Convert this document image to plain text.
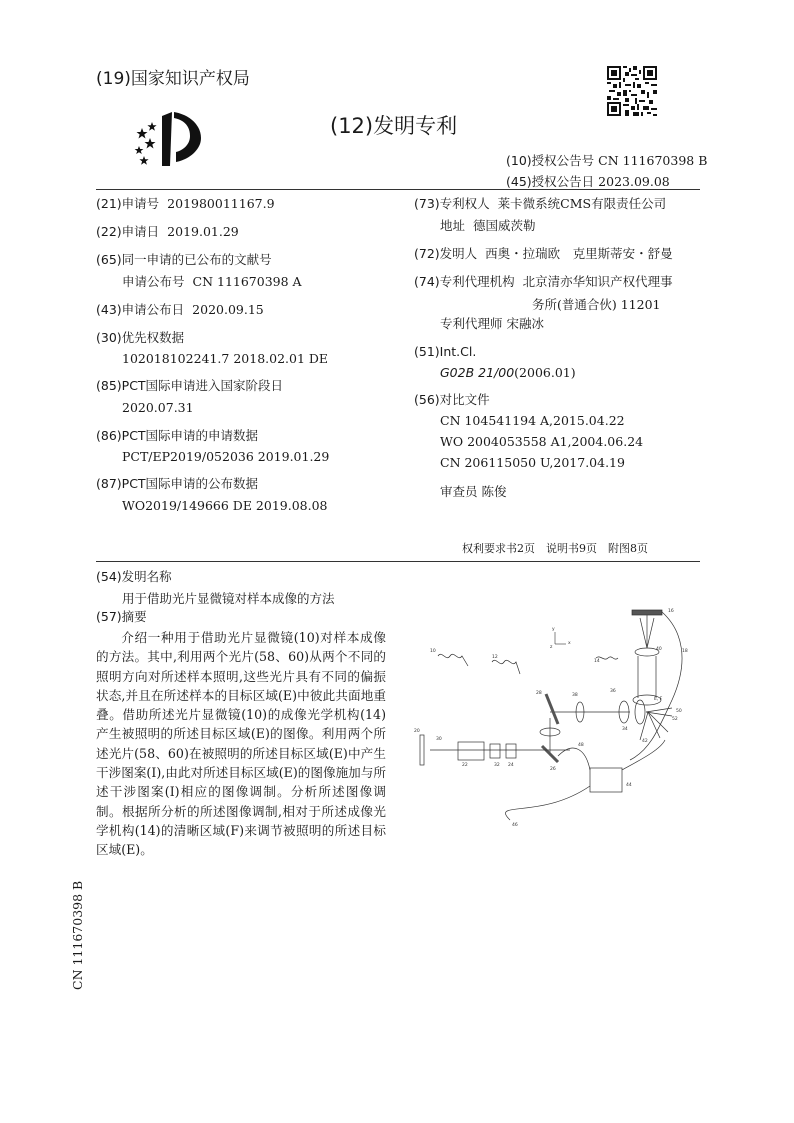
(19)国家知识产权局
(12)发明专利
(10)授权公告号 CN 111670398 B
(45)授权公告日 2023.09.08
(21)申请号 201980011167.9
(22)申请日 2019.01.29
(65)同一申请的已公布的文献号
申请公布号 CN 111670398 A
(43)申请公布日 2020.09.15
(30)优先权数据
102018102241.7 2018.02.01 DE
(85)PCT国际申请进入国家阶段日
2020.07.31
(86)PCT国际申请的申请数据
PCT/EP2019/052036 2019.01.29
(87)PCT国际申请的公布数据
WO2019/149666 DE 2019.08.08
(73)专利权人 莱卡微系统CMS有限责任公司
地址 德国威茨勒
(72)发明人 西奥・拉瑞欧　克里斯蒂安・舒曼
(74)专利代理机构 北京清亦华知识产权代理事
务所(普通合伙) 11201
专利代理师 宋融冰
(51)Int.Cl.
G02B 21/00(2006.01)
(56)对比文件
CN 104541194 A,2015.04.22
WO 2004053558 A1,2004.06.24
CN 206115050 U,2017.04.19
审查员 陈俊
权利要求书2页　说明书9页　附图8页
(54)发明名称
用于借助光片显微镜对样本成像的方法
(57)摘要
介绍一种用于借助光片显微镜(10)对样本成像的方法。其中,利用两个光片(58、60)从两个不同的照明方向对所述样本照明,这些光片具有不同的偏振状态,并且在所述样本的目标区域(E)中彼此共面地重叠。借助所述光片显微镜(10)的成像光学机构(14)产生被照明的所述目标区域(E)的图像。利用两个所述光片(58、60)在被照明的所述目标区域(E)中产生干涉图案(I),由此对所述目标区域(E)的图像施加与所述干涉图案(I)相应的图像调制。分析所述图像调制。根据所分析的所述图像调制,相对于所述成像光学机构(14)的清晰区域(F)来调节被照明的所述目标区域(E)。
CN 111670398 B
y
x
z
10
12
14
16
18
20
22	24
26
28
30
32
34
36
38
40
42
44
46
48
50
52
E, F
